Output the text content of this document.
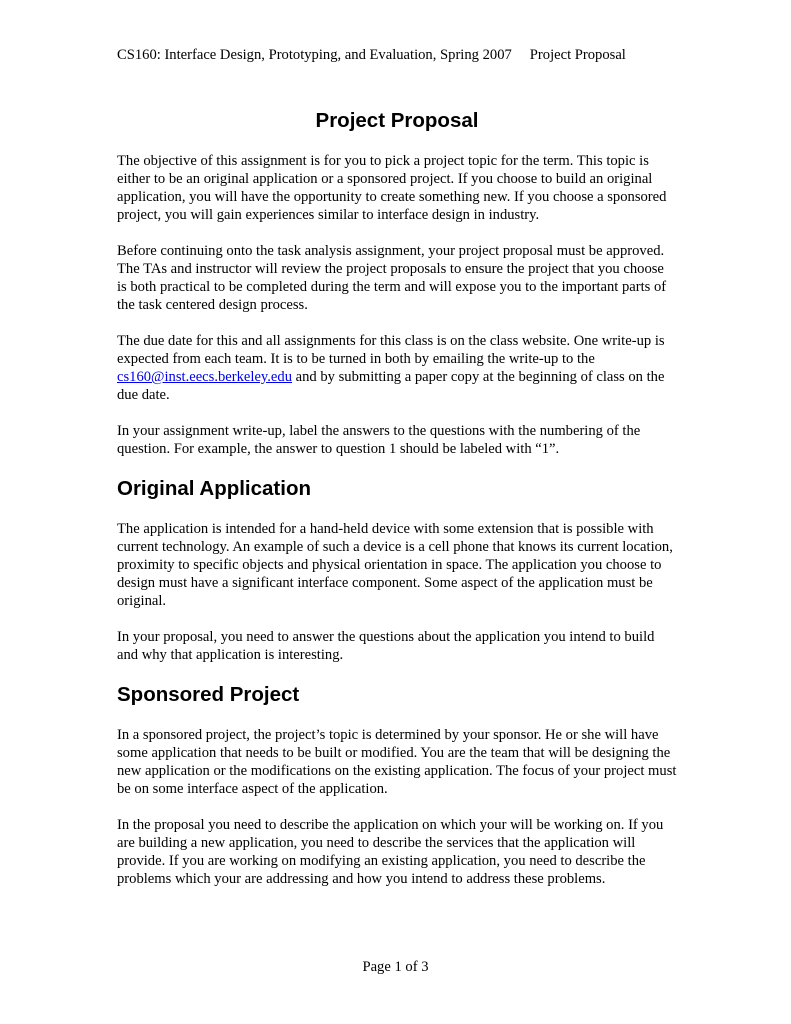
CS160: Interface Design, Prototyping, and Evaluation, Spring 2007 Project Proposal
Project Proposal

The objective of this assignment is for you to pick a project topic for the term. This topic is either to be an original application or a sponsored project. If you choose to build an original application, you will have the opportunity to create something new. If you choose a sponsored project, you will gain experiences similar to interface design in industry.

Before continuing onto the task analysis assignment, your project proposal must be approved. The TAs and instructor will review the project proposals to ensure the project that you choose is both practical to be completed during the term and will expose you to the important parts of the task centered design process.

The due date for this and all assignments for this class is on the class website. One write-up is expected from each team. It is to be turned in both by emailing the write-up to the cs160@inst.eecs.berkeley.edu and by submitting a paper copy at the beginning of class on the due date.

In your assignment write-up, label the answers to the questions with the numbering of the question. For example, the answer to question 1 should be labeled with “1”.

Original Application

The application is intended for a hand-held device with some extension that is possible with current technology. An example of such a device is a cell phone that knows its current location, proximity to specific objects and physical orientation in space. The application you choose to design must have a significant interface component. Some aspect of the application must be original.

In your proposal, you need to answer the questions about the application you intend to build and why that application is interesting.

Sponsored Project

In a sponsored project, the project’s topic is determined by your sponsor. He or she will have some application that needs to be built or modified. You are the team that will be designing the new application or the modifications on the existing application. The focus of your project must be on some interface aspect of the application.

In the proposal you need to describe the application on which your will be working on. If you are building a new application, you need to describe the services that the application will provide. If you are working on modifying an existing application, you need to describe the problems which your are addressing and how you intend to address these problems.

Page 1 of 3
